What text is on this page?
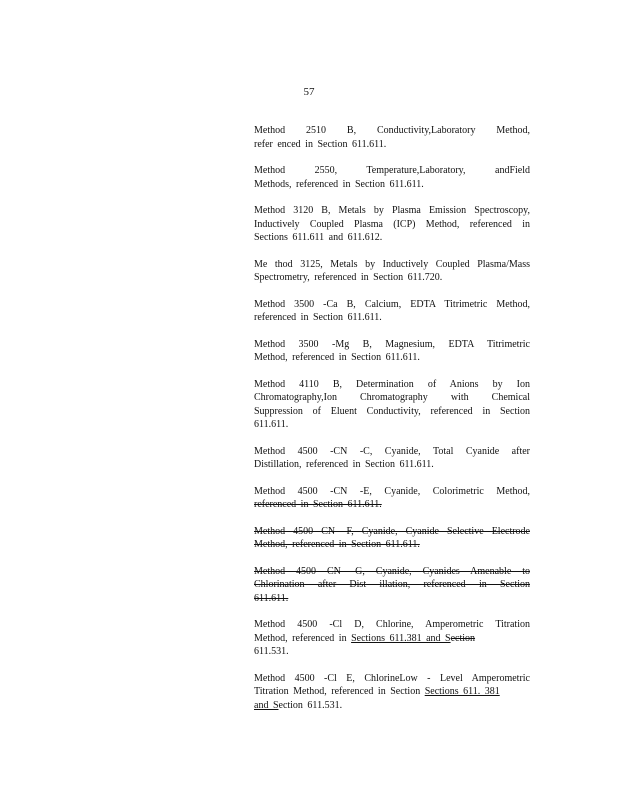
57
Method 2510 B, Conductivity,Laboratory Method,
refer enced in Section 611.611.
Method 2550, Temperature,Laboratory, andField
Methods, referenced in Section 611.611.
Method 3120 B, Metals by Plasma Emission Spectroscopy,
Inductively Coupled Plasma (ICP) Method, referenced in
Sections 611.611 and 611.612.
Me thod 3125, Metals by Inductively Coupled Plasma/Mass
Spectrometry, referenced in Section 611.720.
Method 3500 -Ca B, Calcium, EDTA Titrimetric Method,
referenced in Section 611.611.
Method 3500 -Mg B, Magnesium, EDTA Titrimetric
Method, referenced in Section 611.611.
Method 4110 B, Determination of Anions by Ion
Chromatography,Ion Chromatography with Chemical
Suppression of Eluent Conductivity, referenced in Section
611.611.
Method 4500 -CN -C, Cyanide, Total Cyanide after
Distillation, referenced in Section 611.611.
Method 4500 -CN -E, Cyanide, Colorimetric Method,
referenced in Section 611.611.
Method 4500 CN -F, Cyanide, Cyanide Selective Electrode
Method, referenced in Section 611.611.
Method 4500 CN -G, Cyanide, Cyanides Amenable to
Chlorination after Dist illation, referenced in Section
611.611.
Method 4500 -Cl D, Chlorine, Amperometric Titration
Method, referenced in Sections 611.381 and Section
611.531.
Method 4500 -Cl E, ChlorineLow - Level Amperometric
Titration Method, referenced in Section Sections 611. 381
and Section 611.531.
